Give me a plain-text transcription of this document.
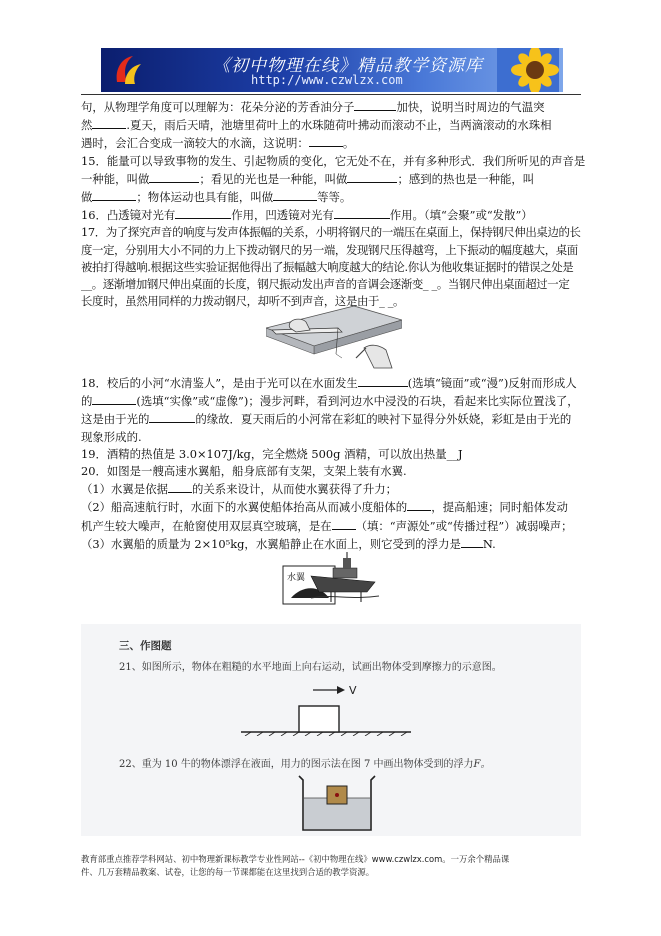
《初中物理在线》精品教学资源库
http://www.czwlzx.com

句，从物理学角度可以理解为：花朵分泌的芳香油分子	加快，说明当时周边的气温突
然	.夏天，雨后天晴，池塘里荷叶上的水珠随荷叶拂动而滚动不止，当两滴滚动的水珠相
遇时，会汇合变成一滴较大的水滴，这说明：	。

15．能量可以导致事物的发生、引起物质的变化，它无处不在，并有多种形式．我们所听见的声音是
一种能，叫做	；看见的光也是一种能，叫做	；感到的热也是一种能，叫
做	；物体运动也具有能，叫做	等等。

16．凸透镜对光有	作用，凹透镜对光有	作用。（填“会聚”或“发散”）

17．为了探究声音的响度与发声体振幅的关系，小明将钢尺的一端压在桌面上，保持钢尺伸出桌边的长
度一定，分别用大小不同的力上下拨动钢尺的另一端，发现钢尺压得越弯，上下振动的幅度越大，桌面
被拍打得越响.根据这些实验证据他得出了振幅越大响度越大的结论.你认为他收集证据时的错误之处是
__。逐渐增加钢尺伸出桌面的长度，钢尺振动发出声音的音调会逐渐变_ _。当钢尺伸出桌面超过一定
长度时，虽然用同样的力拨动钢尺，却听不到声音，这是由于_ _。

18．校后的小河“水清鉴人”，是由于光可以在水面发生	(选填“镜面”或“漫”)反射而形成人
的	(选填“实像”或“虚像”)；漫步河畔，看到河边水中浸没的石块，看起来比实际位置浅了，
这是由于光的	的缘故．夏天雨后的小河常在彩虹的映衬下显得分外妖娆，彩虹是由于光的
现象形成的.

19．酒精的热值是 3.0×107J/kg，完全燃烧 500g 酒精，可以放出热量__J

20．如图是一艘高速水翼船，船身底部有支架，支架上装有水翼.
（1）水翼是依据 的关系来设计，从而使水翼获得了升力；
（2）船高速航行时，水面下的水翼使船体抬高从而减小度船体的 ，提高船速；同时船体发动
机产生较大噪声，在舱窗使用双层真空玻璃，是在 （填：“声源处”或“传播过程”）减弱噪声；
（3）水翼船的质量为 2×10⁵kg，水翼船静止在水面上，则它受到的浮力是 N.

水翼
三、作图题
21、如图所示，物体在粗糙的水平地面上向右运动，试画出物体受到摩擦力的示意图。
V
22、重为 10 牛的物体漂浮在液面，用力的图示法在图 7 中画出物体受到的浮力F。

教育部重点推荐学科网站、初中物理新课标教学专业性网站--《初中物理在线》www.czwlzx.com。一万余个精品课

件、几万套精品教案、试卷，让您的每一节课都能在这里找到合适的教学资源。
